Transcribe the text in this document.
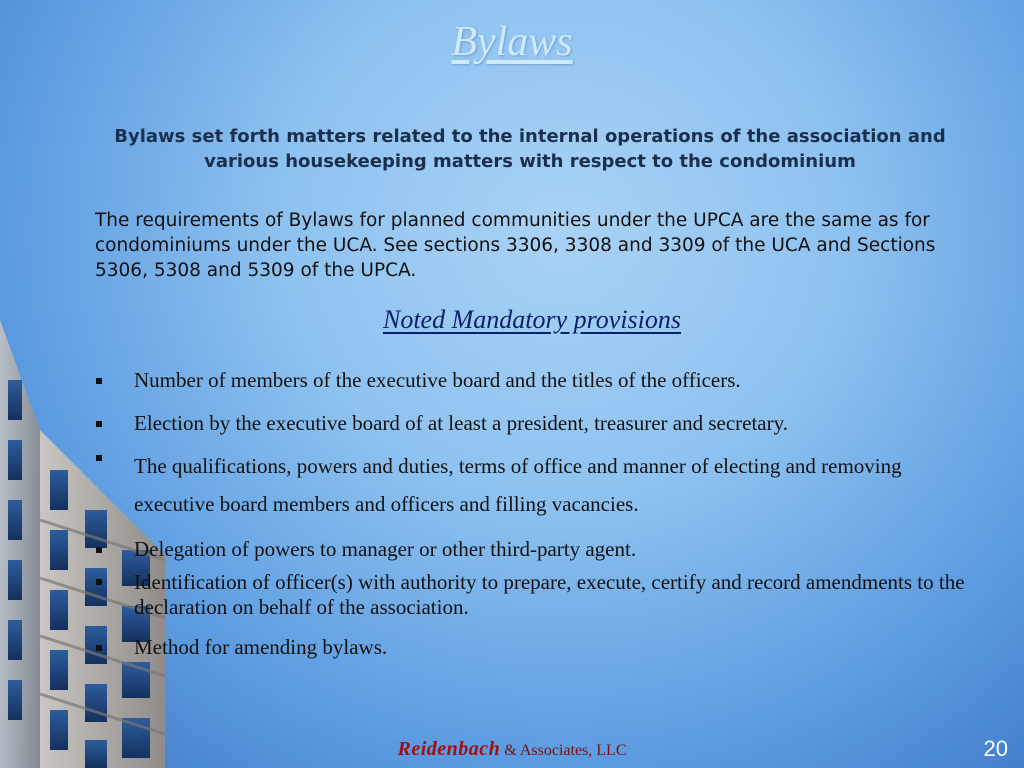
Bylaws
Bylaws set forth matters related to the internal operations of the association and various housekeeping matters with respect to the condominium
The requirements of Bylaws for planned communities under the UPCA are the same as for condominiums under the UCA. See sections 3306, 3308 and 3309 of the UCA and Sections 5306, 5308 and 5309 of the UPCA.
Noted Mandatory provisions
Number of members of the executive board and the titles of the officers.
Election by the executive board of at least a president, treasurer and secretary.
The qualifications, powers and duties, terms of office and manner of electing and removing executive board members and officers and filling vacancies.
Delegation of powers to manager or other third-party agent.
Identification of officer(s) with authority to prepare, execute, certify and record amendments to the declaration on behalf of the association.
Method for amending bylaws.
Reidenbach & Associates, LLC	20
